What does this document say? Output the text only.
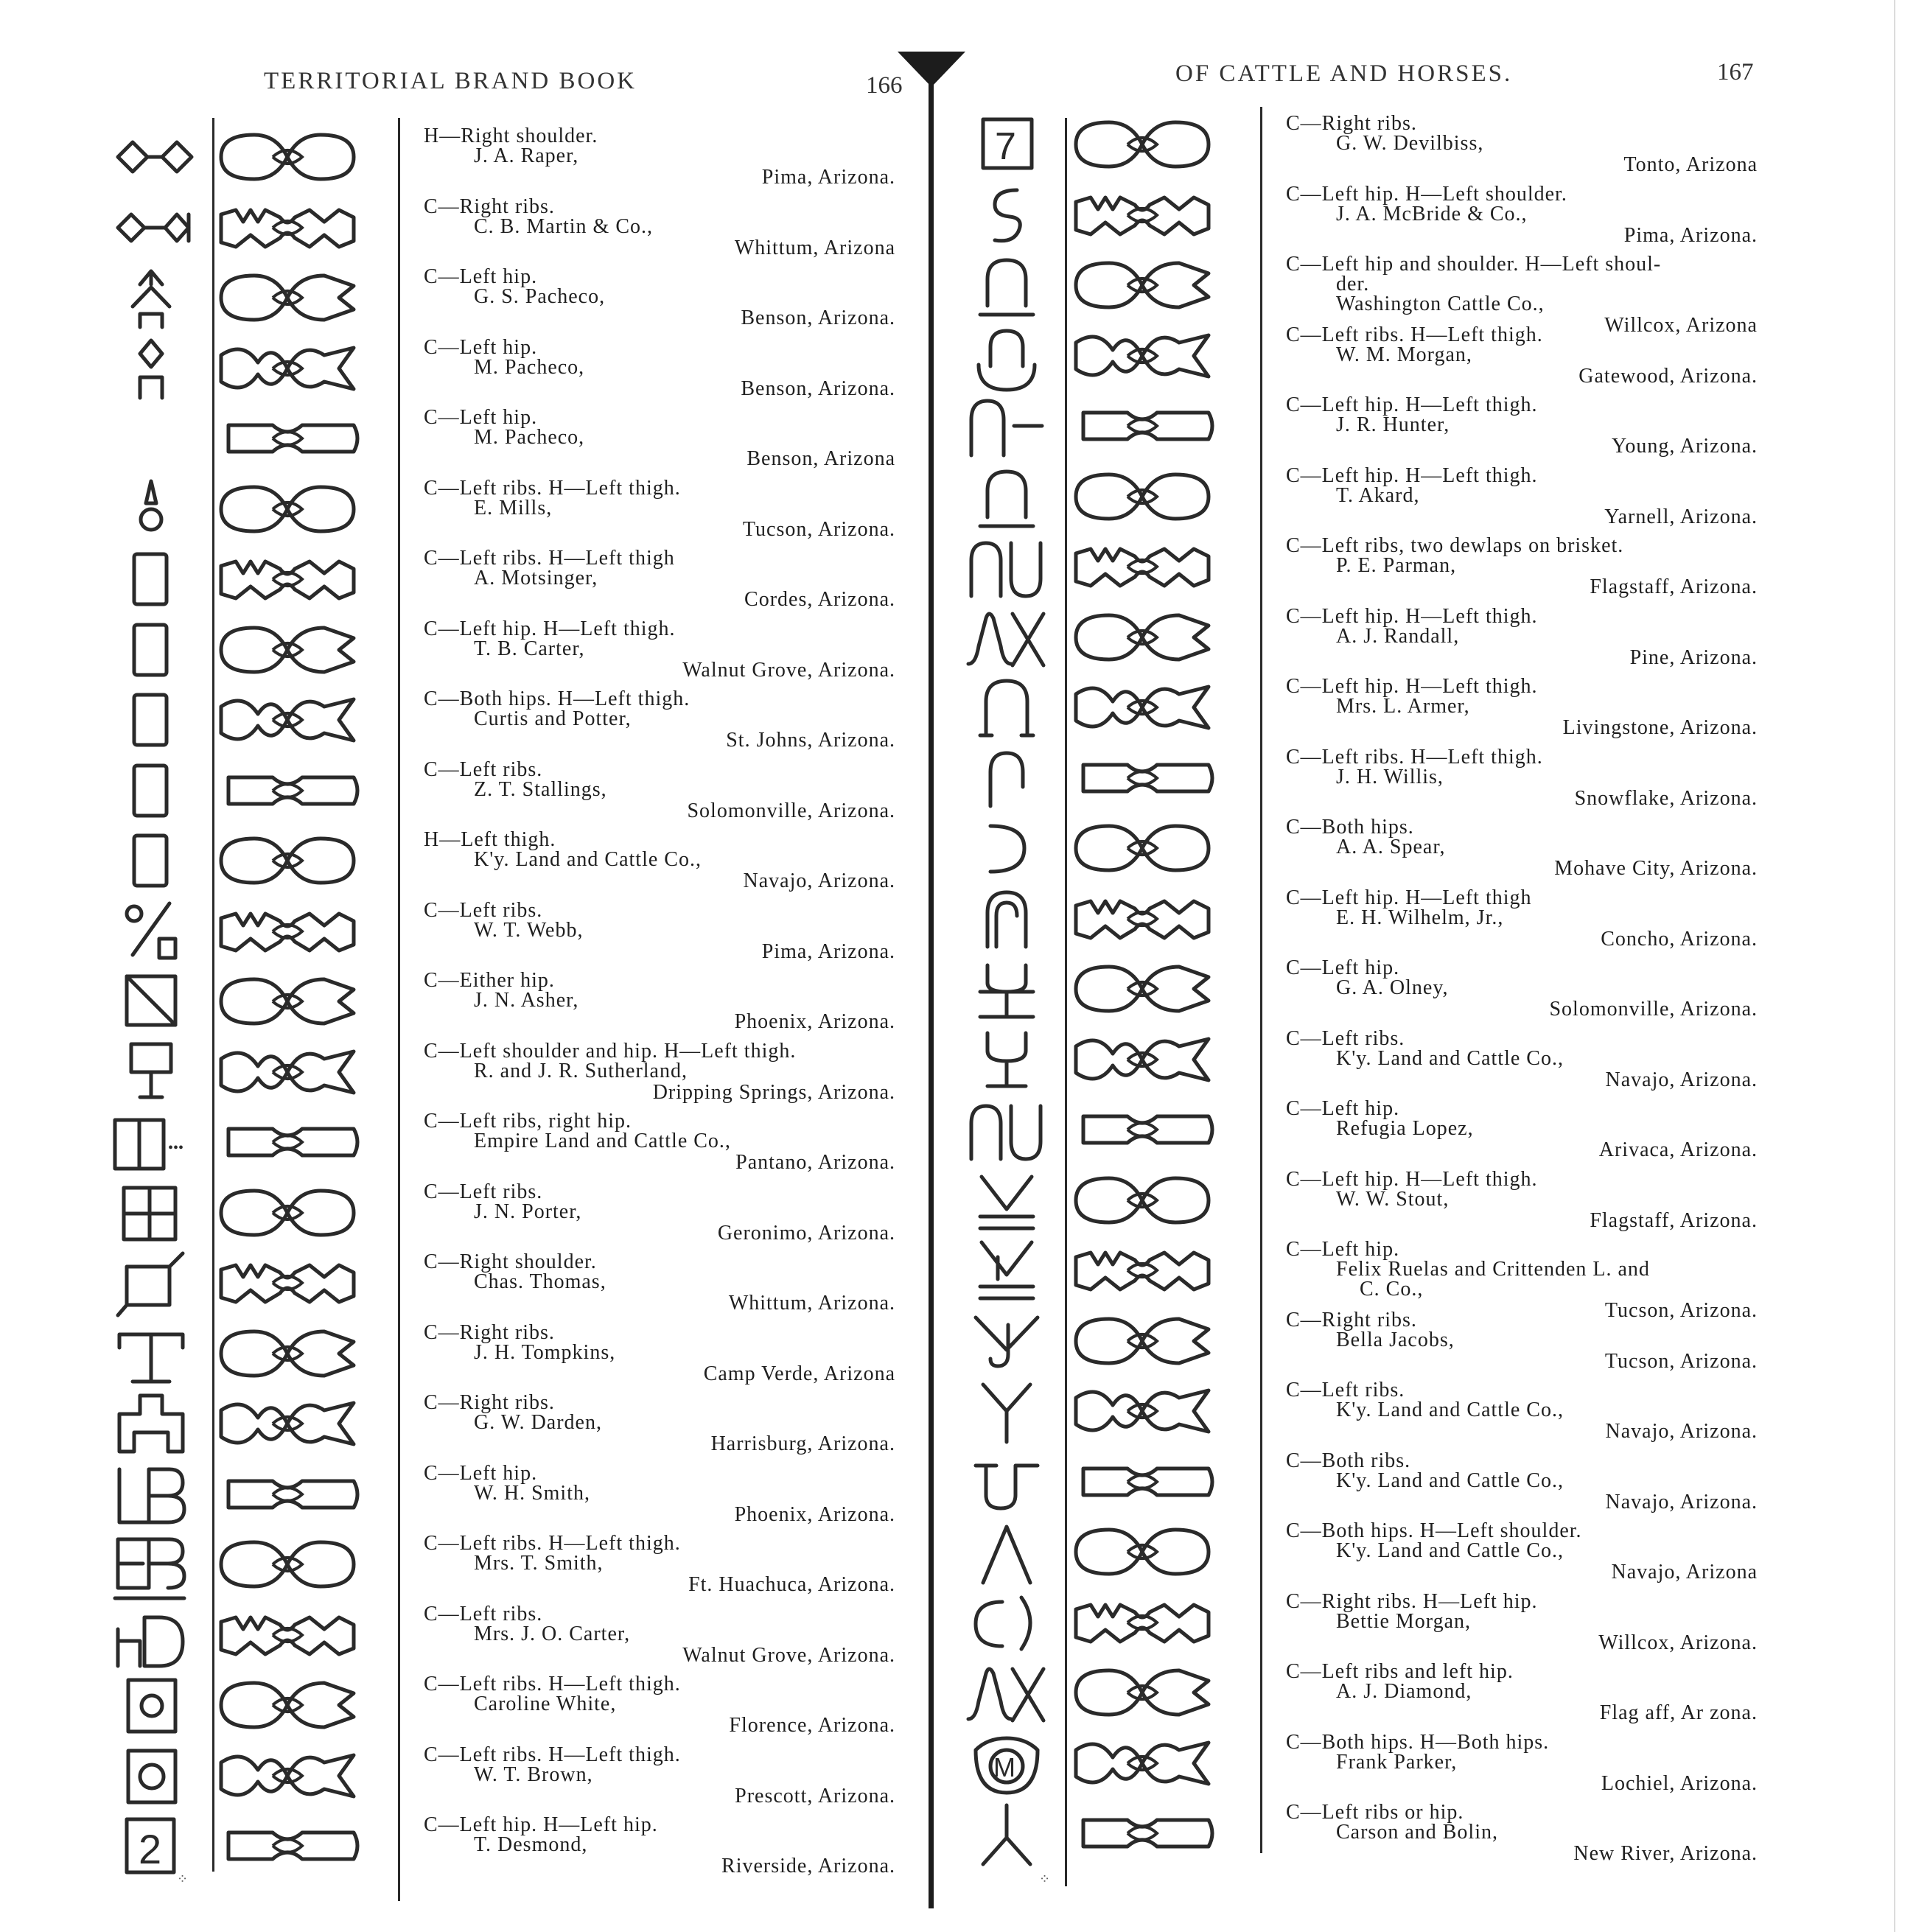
TERRITORIAL BRAND BOOK	166
H—Right shoulder.
J. A. Raper,
Pima, Arizona.
C—Right ribs.
C. B. Martin & Co.,
Whittum, Arizona
C—Left hip.
G. S. Pacheco,
Benson, Arizona.
C—Left hip.
M. Pacheco,
Benson, Arizona.
C—Left hip.
M. Pacheco,
Benson, Arizona
C—Left ribs. H—Left thigh.
E. Mills,
Tucson, Arizona.
C—Left ribs. H—Left thigh
A. Motsinger,
Cordes, Arizona.
C—Left hip. H—Left thigh.
T. B. Carter,
Walnut Grove, Arizona.
C—Both hips. H—Left thigh.
Curtis and Potter,
St. Johns, Arizona.
C—Left ribs.
Z. T. Stallings,
Solomonville, Arizona.
H—Left thigh.
K'y. Land and Cattle Co.,
Navajo, Arizona.
C—Left ribs.
W. T. Webb,
Pima, Arizona.
C—Either hip.
J. N. Asher,
Phoenix, Arizona.
C—Left shoulder and hip. H—Left thigh.
R. and J. R. Sutherland,
Dripping Springs, Arizona.
•••
C—Left ribs, right hip.
Empire Land and Cattle Co.,
Pantano, Arizona.
C—Left ribs.
J. N. Porter,
Geronimo, Arizona.
C—Right shoulder.
Chas. Thomas,
Whittum, Arizona.
C—Right ribs.
J. H. Tompkins,
Camp Verde, Arizona
C—Right ribs.
G. W. Darden,
Harrisburg, Arizona.
C—Left hip.
W. H. Smith,
Phoenix, Arizona.
C—Left ribs. H—Left thigh.
Mrs. T. Smith,
Ft. Huachuca, Arizona.
C—Left ribs.
Mrs. J. O. Carter,
Walnut Grove, Arizona.
C—Left ribs. H—Left thigh.
Caroline White,
Florence, Arizona.
C—Left ribs. H—Left thigh.
W. T. Brown,
Prescott, Arizona.
2
C—Left hip. H—Left hip.
T. Desmond,
Riverside, Arizona.
⁘
OF CATTLE AND HORSES.	167
7
C—Right ribs.
G. W. Devilbiss,
Tonto, Arizona
C—Left hip. H—Left shoulder.
J. A. McBride & Co.,
Pima, Arizona.
C—Left hip and shoulder. H—Left shoul-
der.
Washington Cattle Co.,
Willcox, Arizona
C—Left ribs. H—Left thigh.
W. M. Morgan,
Gatewood, Arizona.
C—Left hip. H—Left thigh.
J. R. Hunter,
Young, Arizona.
C—Left hip. H—Left thigh.
T. Akard,
Yarnell, Arizona.
C—Left ribs, two dewlaps on brisket.
P. E. Parman,
Flagstaff, Arizona.
C—Left hip. H—Left thigh.
A. J. Randall,
Pine, Arizona.
C—Left hip. H—Left thigh.
Mrs. L. Armer,
Livingstone, Arizona.
C—Left ribs. H—Left thigh.
J. H. Willis,
Snowflake, Arizona.
C—Both hips.
A. A. Spear,
Mohave City, Arizona.
C—Left hip. H—Left thigh
E. H. Wilhelm, Jr.,
Concho, Arizona.
C—Left hip.
G. A. Olney,
Solomonville, Arizona.
C—Left ribs.
K'y. Land and Cattle Co.,
Navajo, Arizona.
C—Left hip.
Refugia Lopez,
Arivaca, Arizona.
C—Left hip. H—Left thigh.
W. W. Stout,
Flagstaff, Arizona.
C—Left hip.
Felix Ruelas and Crittenden L. and
C. Co.,
Tucson, Arizona.
C—Right ribs.
Bella Jacobs,
Tucson, Arizona.
C—Left ribs.
K'y. Land and Cattle Co.,
Navajo, Arizona.
C—Both ribs.
K'y. Land and Cattle Co.,
Navajo, Arizona.
C—Both hips. H—Left shoulder.
K'y. Land and Cattle Co.,
Navajo, Arizona
C—Right ribs. H—Left hip.
Bettie Morgan,
Willcox, Arizona.
C—Left ribs and left hip.
A. J. Diamond,
Flag aff, Ar zona.
M
C—Both hips. H—Both hips.
Frank Parker,
Lochiel, Arizona.
C—Left ribs or hip.
Carson and Bolin,
New River, Arizona.
⁘
